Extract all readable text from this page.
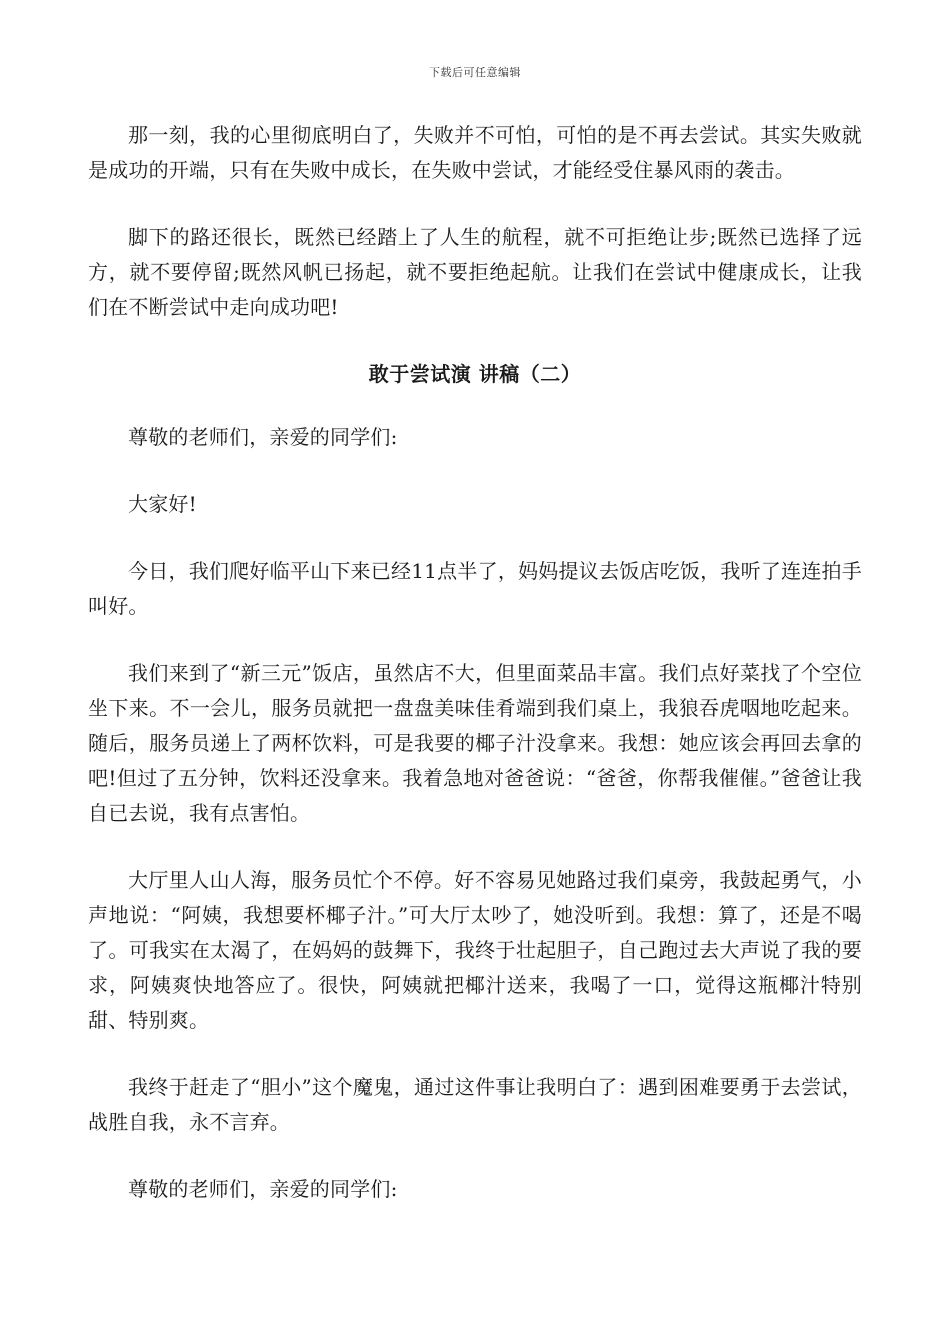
下载后可任意编辑

那一刻，我的心里彻底明白了，失败并不可怕，可怕的是不再去尝试。其实失败就是成功的开端，只有在失败中成长，在失败中尝试，才能经受住暴风雨的袭击。

脚下的路还很长，既然已经踏上了人生的航程，就不可拒绝让步;既然已选择了远方，就不要停留;既然风帆已扬起，就不要拒绝起航。让我们在尝试中健康成长，让我们在不断尝试中走向成功吧!

敢于尝试演 讲稿（二）

尊敬的老师们，亲爱的同学们:

大家好!

今日，我们爬好临平山下来已经11点半了，妈妈提议去饭店吃饭，我听了连连拍手叫好。

我们来到了“新三元”饭店，虽然店不大，但里面菜品丰富。我们点好菜找了个空位坐下来。不一会儿，服务员就把一盘盘美味佳肴端到我们桌上，我狼吞虎咽地吃起来。随后，服务员递上了两杯饮料，可是我要的椰子汁没拿来。我想：她应该会再回去拿的吧!但过了五分钟，饮料还没拿来。我着急地对爸爸说：“爸爸，你帮我催催。”爸爸让我自已去说，我有点害怕。

大厅里人山人海，服务员忙个不停。好不容易见她路过我们桌旁，我鼓起勇气，小声地说：“阿姨，我想要杯椰子汁。”可大厅太吵了，她没听到。我想：算了，还是不喝了。可我实在太渴了，在妈妈的鼓舞下，我终于壮起胆子，自己跑过去大声说了我的要求，阿姨爽快地答应了。很快，阿姨就把椰汁送来，我喝了一口，觉得这瓶椰汁特别甜、特别爽。

我终于赶走了“胆小”这个魔鬼，通过这件事让我明白了：遇到困难要勇于去尝试，战胜自我，永不言弃。

尊敬的老师们，亲爱的同学们:
